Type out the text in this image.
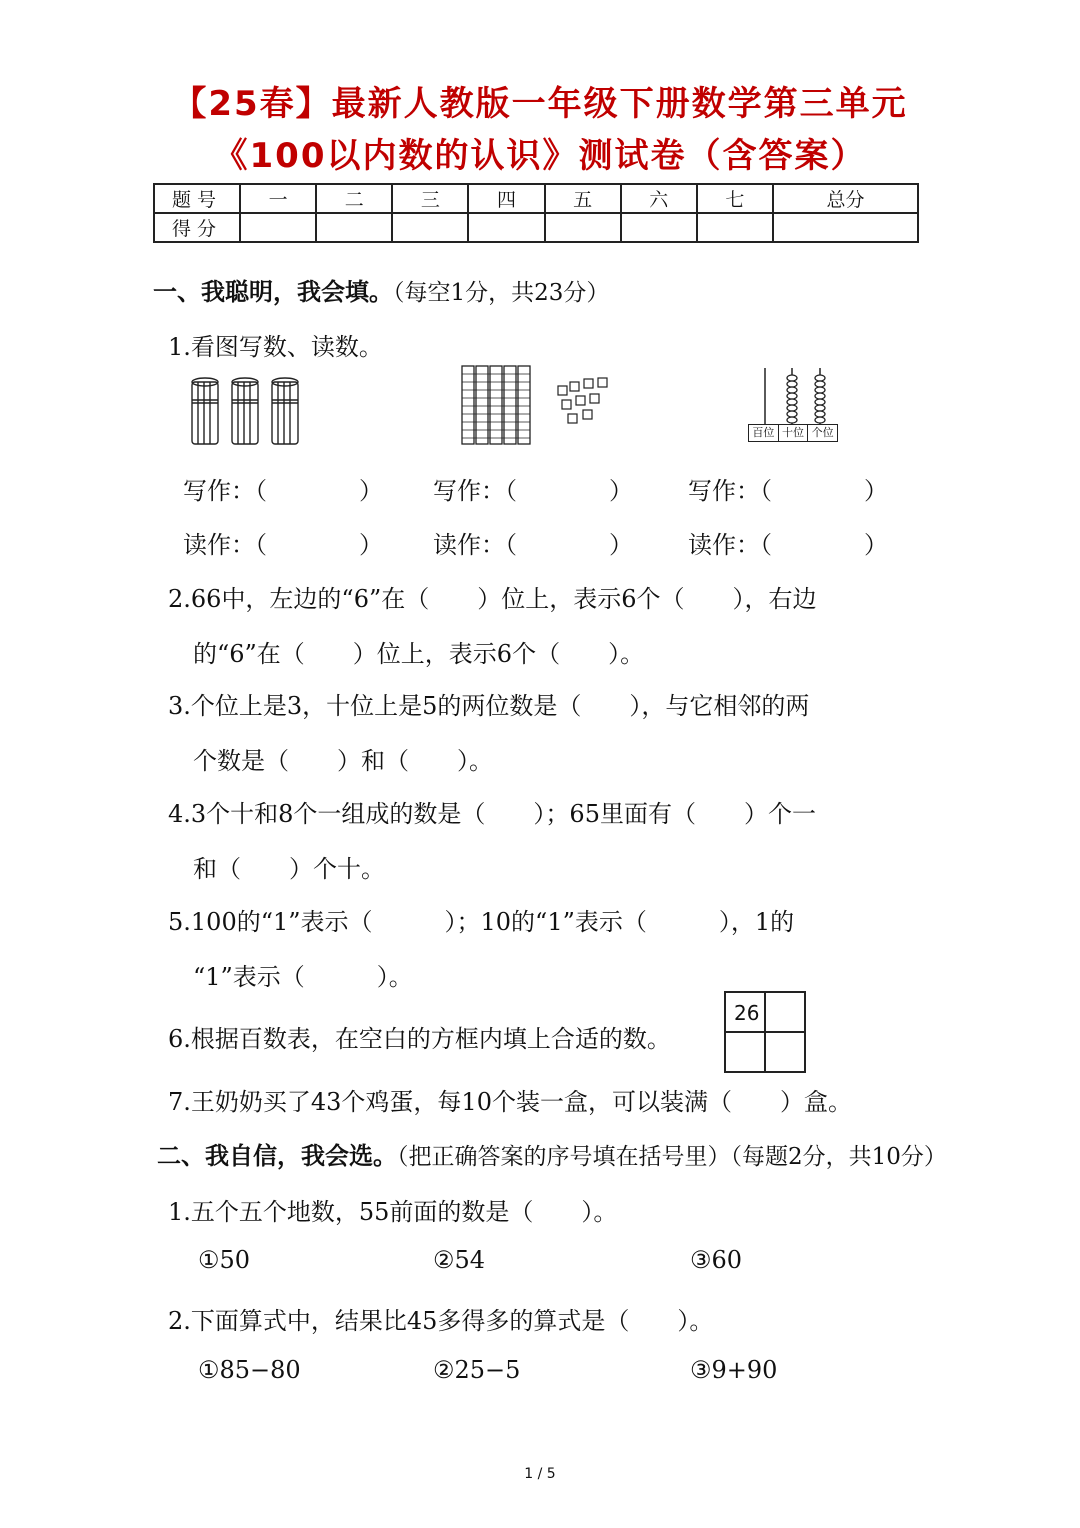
【25春】最新人教版一年级下册数学第三单元
《100以内数的认识》测试卷（含答案）
题号	一	二	三	四	五	六	七	总分
得分								
一、我聪明，我会填。（每空1分，共23分）
1.看图写数、读数。
百位 十位 个位
写作：（	） 写作：（	） 写作：（	）
读作：（	） 读作：（	） 读作：（	）
2.66中，左边的“6”在（　　）位上，表示6个（　　），右边
的“6”在（　　）位上，表示6个（　　）。
3.个位上是3，十位上是5的两位数是（　　），与它相邻的两
个数是（　　）和（　　）。
4.3个十和8个一组成的数是（　　）；65里面有（　　）个一
和（　　）个十。
5.100的“1”表示（　　　）；10的“1”表示（　　　），1的
“1”表示（　　　）。
6.根据百数表，在空白的方框内填上合适的数。
26
7.王奶奶买了43个鸡蛋，每10个装一盒，可以装满（　　）盒。
二、我自信，我会选。（把正确答案的序号填在括号里）（每题2分，共10分）
1.五个五个地数，55前面的数是（　　）。
①50	②54	③60
2.下面算式中，结果比45多得多的算式是（　　）。
①85−80	②25−5	③9+90
1 / 5
